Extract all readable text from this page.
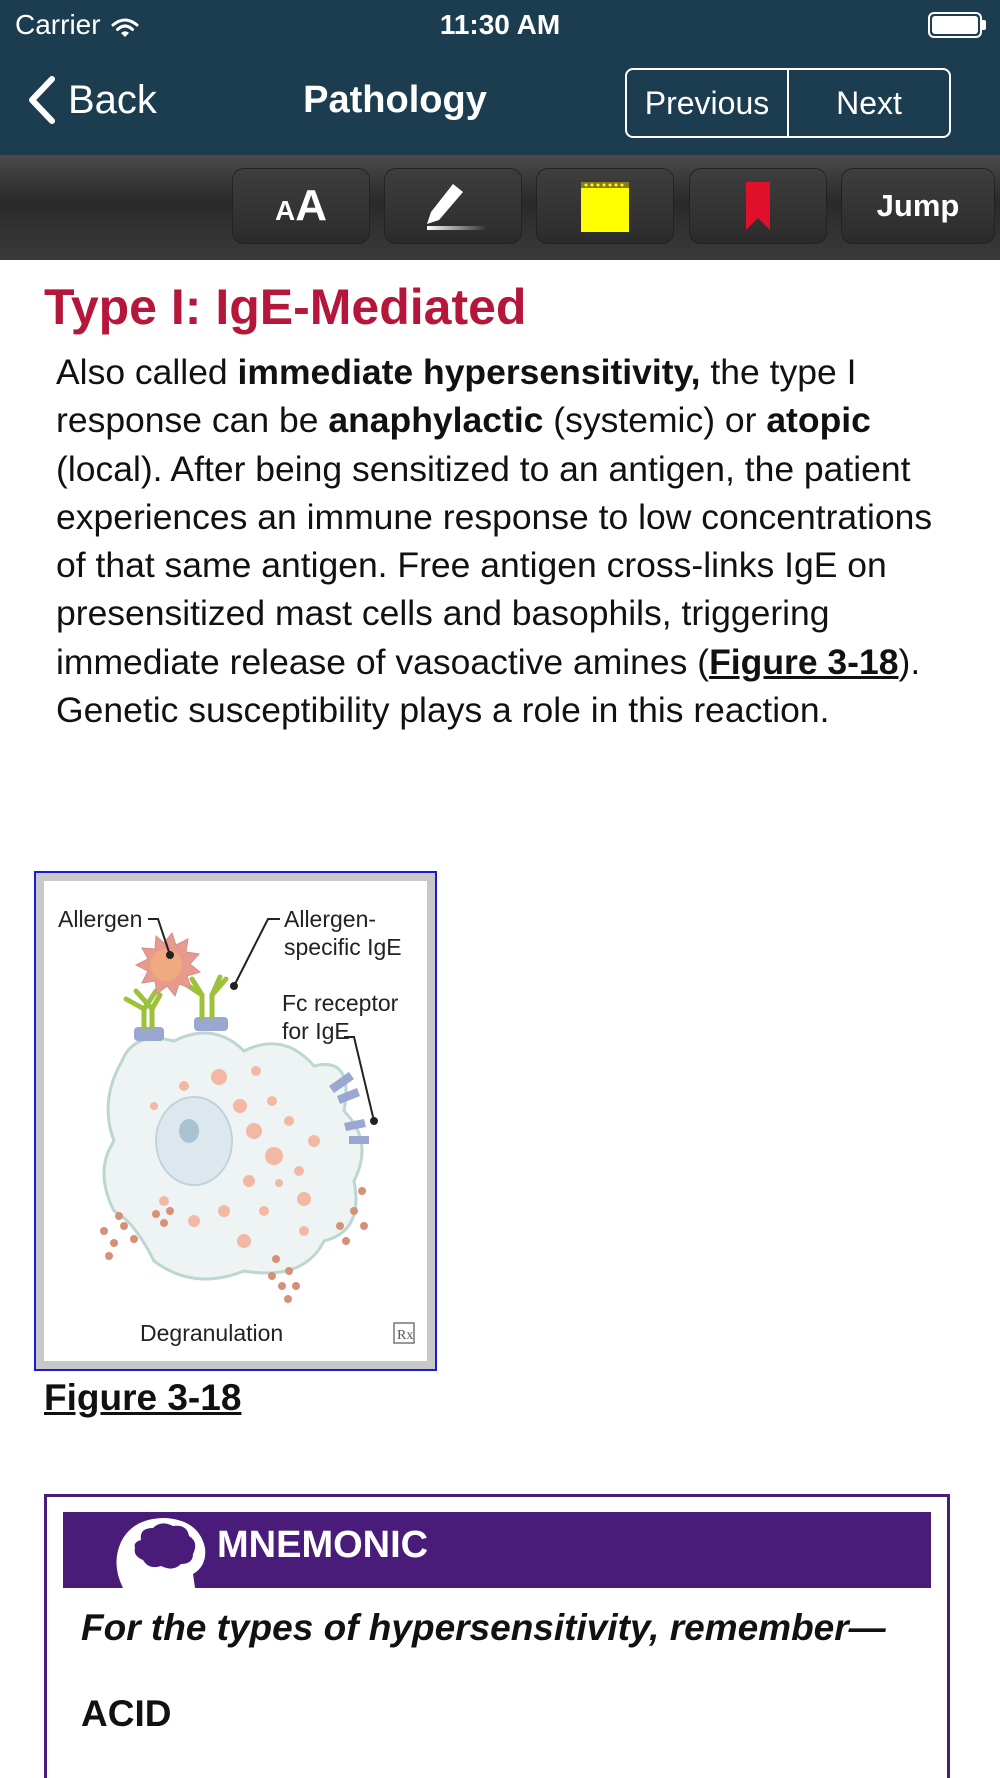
Carrier	11:30 AM
Back	Pathology	Previous	Next
A A	Jump
Type I: IgE-Mediated
Also called immediate hypersensitivity, the type I response can be anaphylactic (systemic) or atopic (local). After being sensitized to an antigen, the patient experiences an immune response to low concentrations of that same antigen. Free antigen cross-links IgE on presensitized mast cells and basophils, triggering immediate release of vasoactive amines (Figure 3-18). Genetic susceptibility plays a role in this reaction.
Allergen	Allergen-
specific IgE
Fc receptor
for IgE
Degranulation	Rx
Figure 3-18
MNEMONIC
For the types of hypersensitivity, remember—
ACID
